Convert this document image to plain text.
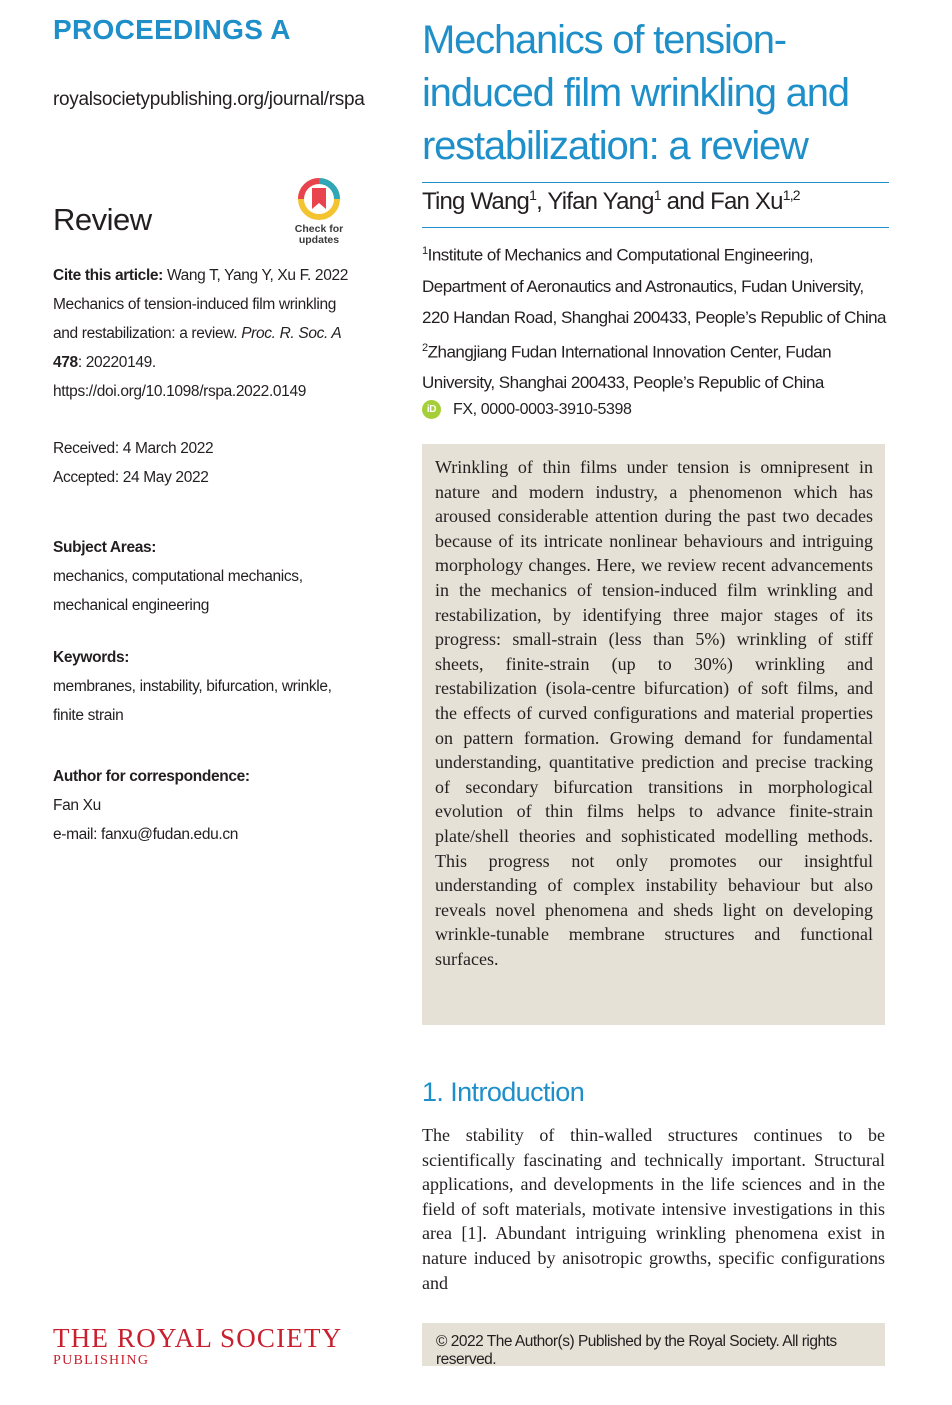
PROCEEDINGS A
royalsocietypublishing.org/journal/rspa
Review	Check for
updates
Cite this article: Wang T, Yang Y, Xu F. 2022 Mechanics of tension-induced film wrinkling and restabilization: a review. Proc. R. Soc. A
478: 20220149.
https://doi.org/10.1098/rspa.2022.0149
Received: 4 March 2022
Accepted: 24 May 2022
Subject Areas:
mechanics, computational mechanics, mechanical engineering
Keywords:
membranes, instability, bifurcation, wrinkle, finite strain
Author for correspondence:
Fan Xu
e-mail: fanxu@fudan.edu.cn
THE ROYAL SOCIETY
PUBLISHING
Mechanics of tension-induced film wrinkling and restabilization: a review
Ting Wang$^1$, Yifan Yang$^1$ and Fan Xu$^{1,2}$
$^1$Institute of Mechanics and Computational Engineering, Department of Aeronautics and Astronautics, Fudan University, 220 Handan Road, Shanghai 200433, People’s Republic of China
$^2$Zhangjiang Fudan International Innovation Center, Fudan University, Shanghai 200433, People’s Republic of China
iD	FX, 0000-0003-3910-5398

Wrinkling of thin films under tension is omnipresent in nature and modern industry, a phenomenon which has aroused considerable attention during the past two decades because of its intricate nonlinear behaviours and intriguing morphology changes. Here, we review recent advancements in the mechanics of tension-induced film wrinkling and restabilization, by identifying three major stages of its progress: small-strain (less than 5%) wrinkling of stiff sheets, finite-strain (up to 30%) wrinkling and restabilization (isola-centre bifurcation) of soft films, and the effects of curved configurations and material properties on pattern formation. Growing demand for fundamental understanding, quantitative prediction and precise tracking of secondary bifurcation transitions in morphological evolution of thin films helps to advance finite-strain plate/shell theories and sophisticated modelling methods. This progress not only promotes our insightful understanding of complex instability behaviour but also reveals novel phenomena and sheds light on developing wrinkle-tunable membrane structures and functional surfaces.

1. Introduction
The stability of thin-walled structures continues to be scientifically fascinating and technically important. Structural applications, and developments in the life sciences and in the field of soft materials, motivate intensive investigations in this area [1]. Abundant intriguing wrinkling phenomena exist in nature induced by anisotropic growths, specific configurations and
© 2022 The Author(s) Published by the Royal Society. All rights reserved.
